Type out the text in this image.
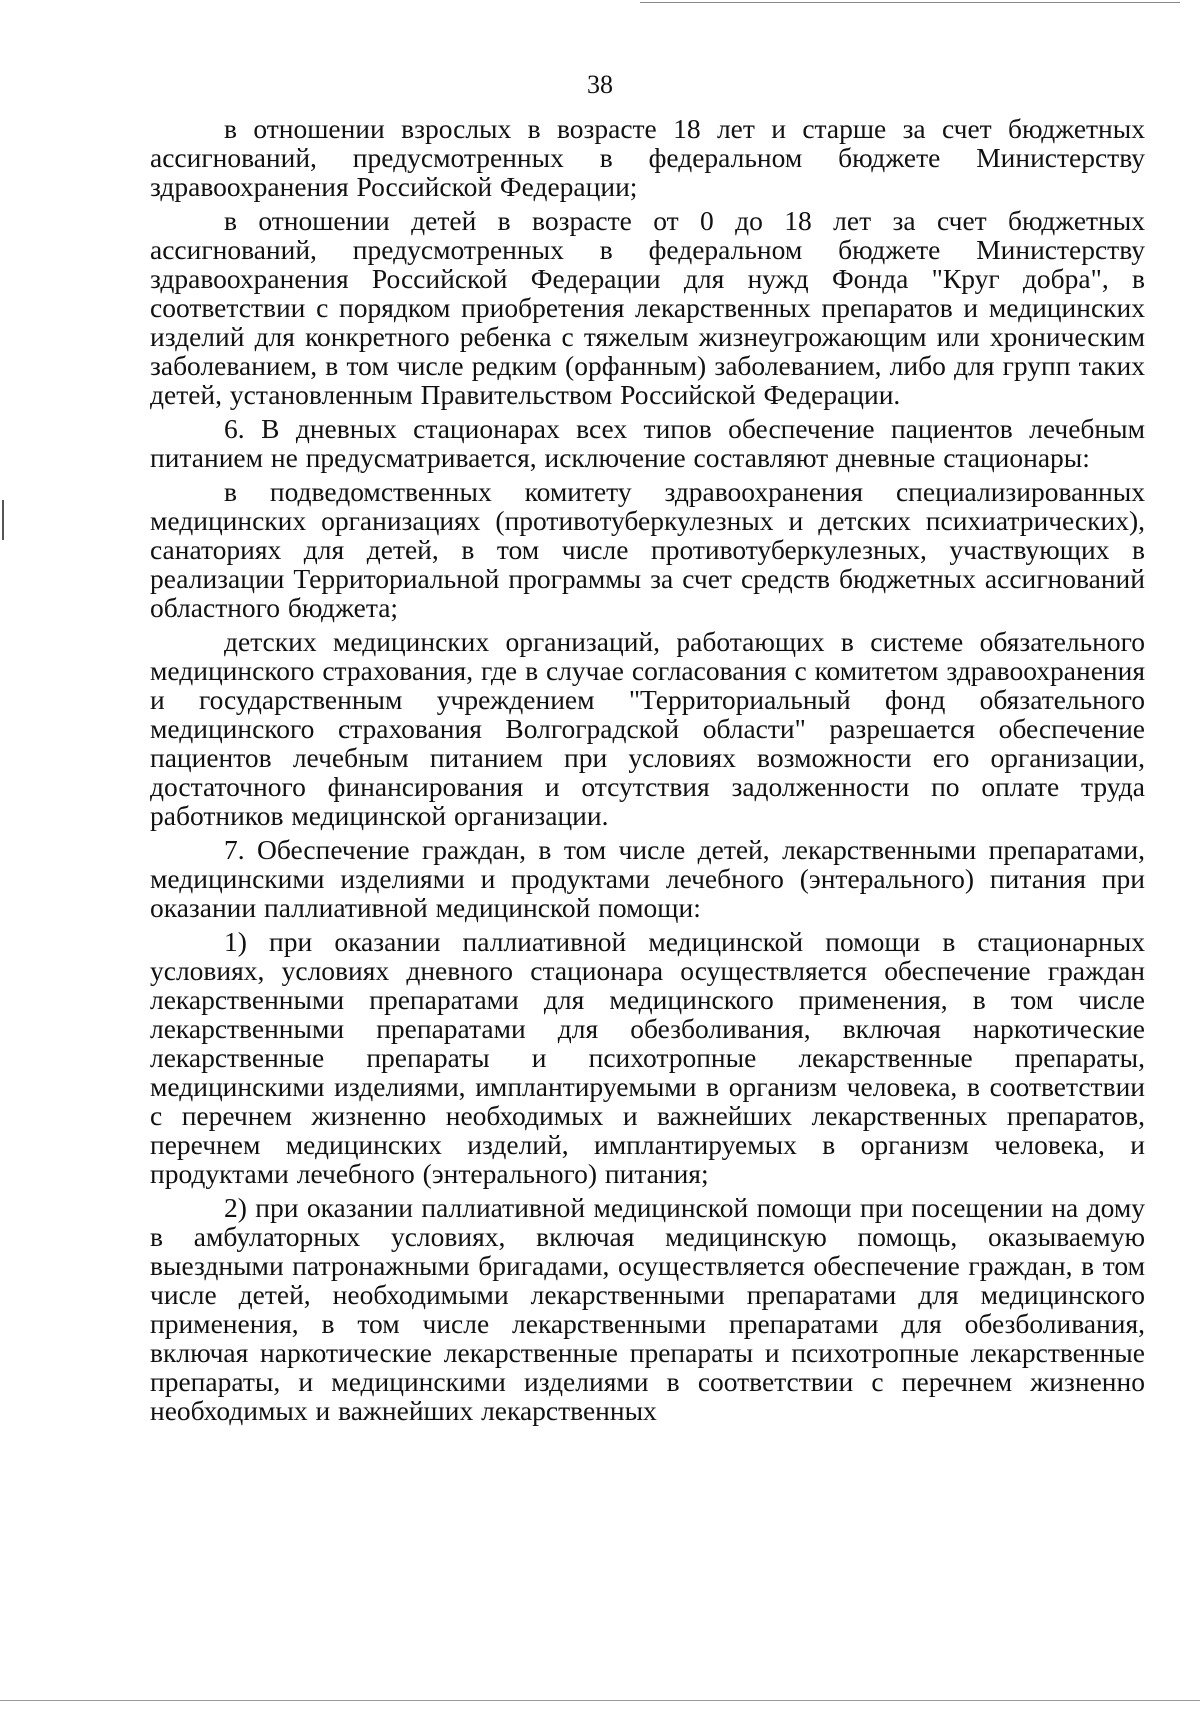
38

в отношении взрослых в возрасте 18 лет и старше за счет бюджетных ассигнований, предусмотренных в федеральном бюджете Министерству здравоохранения Российской Федерации;

в отношении детей в возрасте от 0 до 18 лет за счет бюджетных ассигнований, предусмотренных в федеральном бюджете Министерству здравоохранения Российской Федерации для нужд Фонда "Круг добра", в соответствии с порядком приобретения лекарственных препаратов и медицинских изделий для конкретного ребенка с тяжелым жизнеугрожающим или хроническим заболеванием, в том числе редким (орфанным) заболеванием, либо для групп таких детей, установленным Правительством Российской Федерации.

6. В дневных стационарах всех типов обеспечение пациентов лечебным питанием не предусматривается, исключение составляют дневные стационары:

в подведомственных комитету здравоохранения специализированных медицинских организациях (противотуберкулезных и детских психиатрических), санаториях для детей, в том числе противотуберкулезных, участвующих в реализации Территориальной программы за счет средств бюджетных ассигнований областного бюджета;

детских медицинских организаций, работающих в системе обязательного медицинского страхования, где в случае согласования с комитетом здравоохранения и государственным учреждением "Территориальный фонд обязательного медицинского страхования Волгоградской области" разрешается обеспечение пациентов лечебным питанием при условиях возможности его организации, достаточного финансирования и отсутствия задолженности по оплате труда работников медицинской организации.

7. Обеспечение граждан, в том числе детей, лекарственными препаратами, медицинскими изделиями и продуктами лечебного (энтерального) питания при оказании паллиативной медицинской помощи:

1) при оказании паллиативной медицинской помощи в стационарных условиях, условиях дневного стационара осуществляется обеспечение граждан лекарственными препаратами для медицинского применения, в том числе лекарственными препаратами для обезболивания, включая наркотические лекарственные препараты и психотропные лекарственные препараты, медицинскими изделиями, имплантируемыми в организм человека, в соответствии с перечнем жизненно необходимых и важнейших лекарственных препаратов, перечнем медицинских изделий, имплантируемых в организм человека, и продуктами лечебного (энтерального) питания;

2) при оказании паллиативной медицинской помощи при посещении на дому в амбулаторных условиях, включая медицинскую помощь, оказываемую выездными патронажными бригадами, осуществляется обеспечение граждан, в том числе детей, необходимыми лекарственными препаратами для медицинского применения, в том числе лекарственными препаратами для обезболивания, включая наркотические лекарственные препараты и психотропные лекарственные препараты, и медицинскими изделиями в соответствии с перечнем жизненно необходимых и важнейших лекарственных
